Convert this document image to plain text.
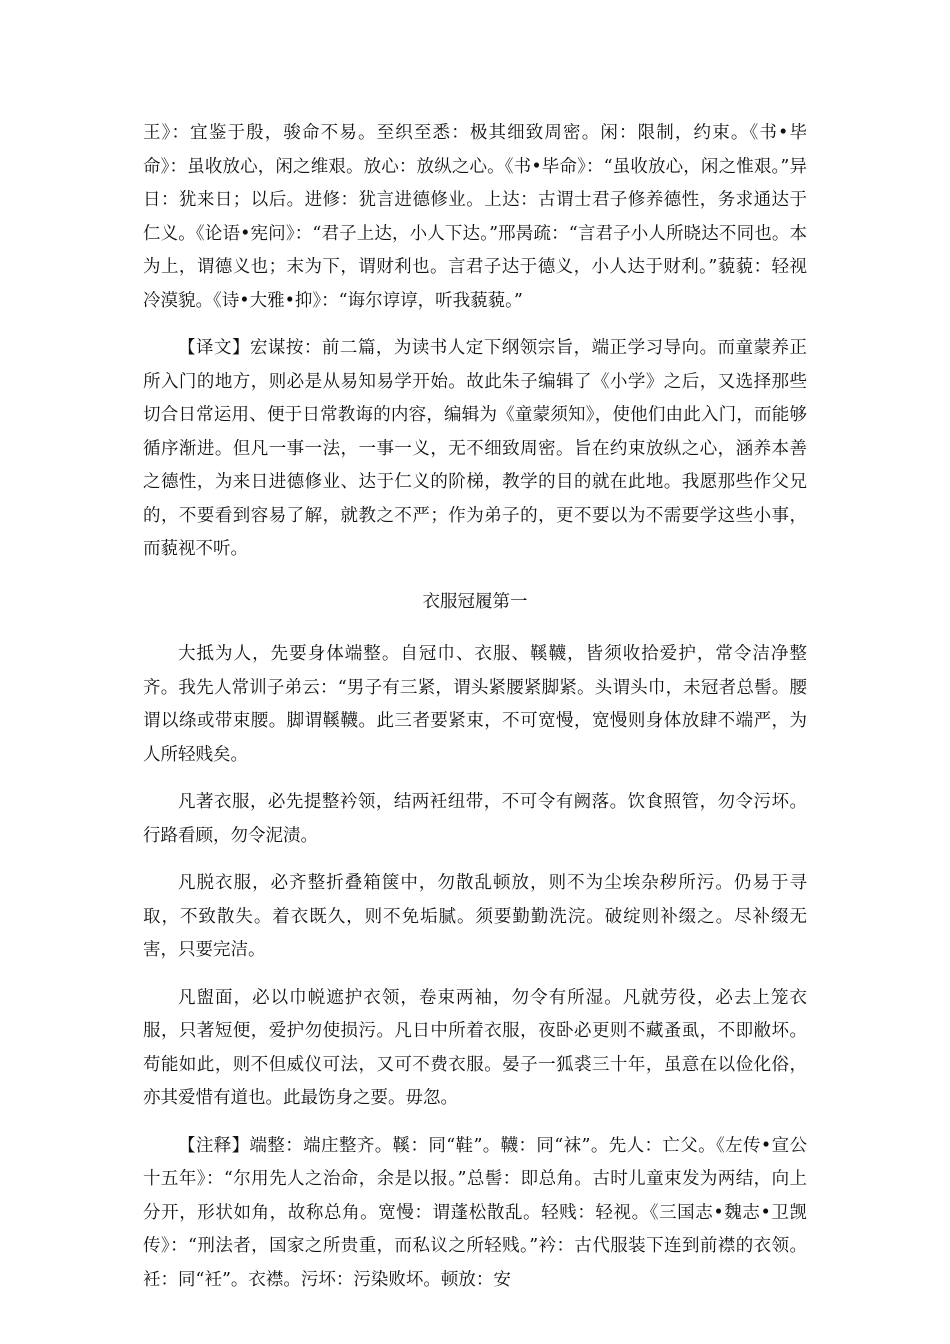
王》：宜鉴于殷，骏命不易。至织至悉：极其细致周密。闲：限制，约束。《书•毕命》：虽收放心，闲之维艰。放心：放纵之心。《书•毕命》：“虽收放心，闲之惟艰。”异日：犹来日；以后。进修：犹言进德修业。上达：古谓士君子修养德性，务求通达于仁义。《论语•宪问》：“君子上达，小人下达。”邢昺疏：“言君子小人所晓达不同也。本为上，谓德义也；末为下，谓财利也。言君子达于德义，小人达于财利。”藐藐：轻视冷漠貌。《诗•大雅•抑》：“诲尔谆谆，听我藐藐。”

【译文】宏谋按：前二篇，为读书人定下纲领宗旨，端正学习导向。而童蒙养正所入门的地方，则必是从易知易学开始。故此朱子编辑了《小学》之后，又选择那些切合日常运用、便于日常教诲的内容，编辑为《童蒙须知》，使他们由此入门，而能够循序渐进。但凡一事一法，一事一义，无不细致周密。旨在约束放纵之心，涵养本善之德性，为来日进德修业、达于仁义的阶梯，教学的目的就在此地。我愿那些作父兄的，不要看到容易了解，就教之不严；作为弟子的，更不要以为不需要学这些小事，而藐视不听。

衣服冠履第一

大抵为人，先要身体端整。自冠巾、衣服、鞵韈，皆须收拾爱护，常令洁净整齐。我先人常训子弟云：“男子有三紧，谓头紧腰紧脚紧。头谓头巾，未冠者总髻。腰谓以绦或带束腰。脚谓鞵韈。此三者要紧束，不可宽慢，宽慢则身体放肆不端严，为人所轻贱矣。

凡著衣服，必先提整衿领，结两衽纽带，不可令有阙落。饮食照管，勿令污坏。行路看顾，勿令泥渍。

凡脱衣服，必齐整折叠箱箧中，勿散乱顿放，则不为尘埃杂秽所污。仍易于寻取，不致散失。着衣既久，则不免垢腻。须要勤勤洗浣。破绽则补缀之。尽补缀无害，只要完洁。

凡盥面，必以巾帨遮护衣领，卷束两袖，勿令有所湿。凡就劳役，必去上笼衣服，只著短便，爱护勿使损污。凡日中所着衣服，夜卧必更则不藏蚤虱，不即敝坏。苟能如此，则不但威仪可法，又可不费衣服。晏子一狐裘三十年，虽意在以俭化俗，亦其爱惜有道也。此最饬身之要。毋忽。

【注释】端整：端庄整齐。鞵：同“鞋”。韈：同“袜”。先人：亡父。《左传•宣公十五年》：“尔用先人之治命，余是以报。”总髻：即总角。古时儿童束发为两结，向上分开，形状如角，故称总角。宽慢：谓蓬松散乱。轻贱：轻视。《三国志•魏志•卫觊传》：“刑法者，国家之所贵重，而私议之所轻贱。”衿：古代服装下连到前襟的衣领。衽：同“衽”。衣襟。污坏：污染败坏。顿放：安
